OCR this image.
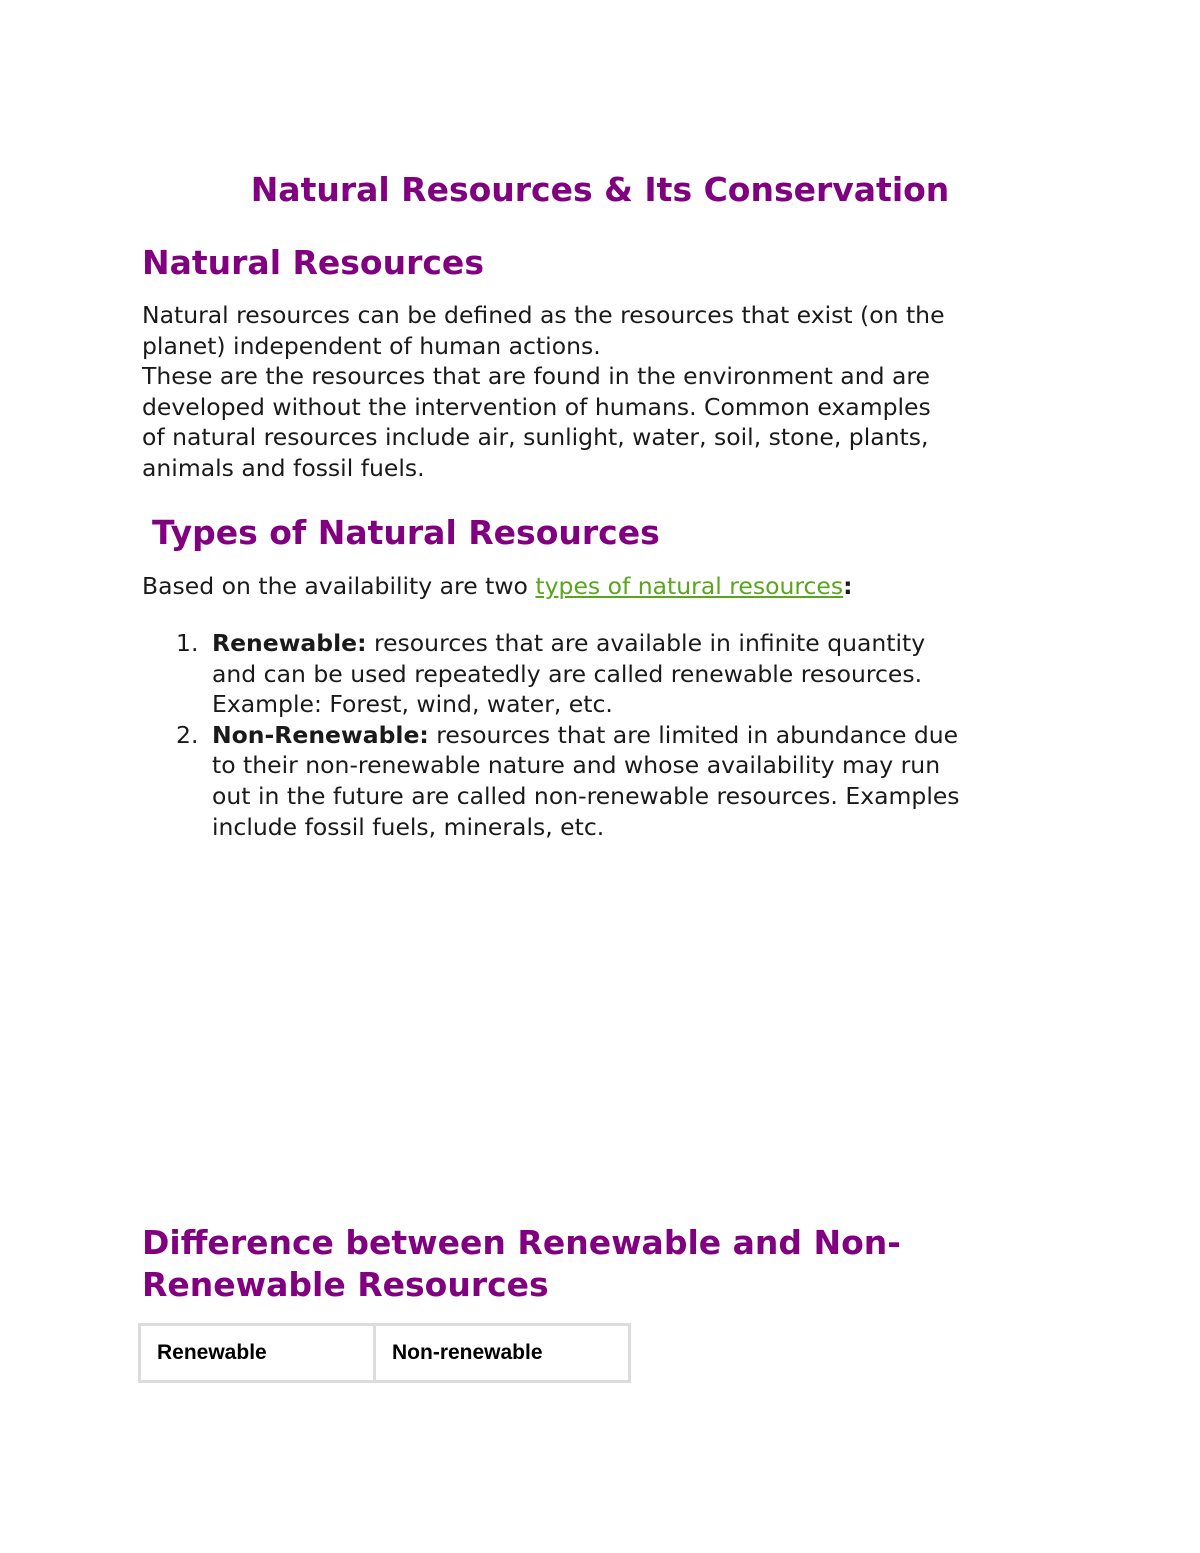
Natural Resources & Its Conservation
Natural Resources

Natural resources can be defined as the resources that exist (on the
planet) independent of human actions.
These are the resources that are found in the environment and are
developed without the intervention of humans. Common examples
of natural resources include air, sunlight, water, soil, stone, plants,
animals and fossil fuels.

Types of Natural Resources

Based on the availability are two types of natural resources:

1. Renewable: resources that are available in infinite quantity
and can be used repeatedly are called renewable resources.
Example: Forest, wind, water, etc.
2. Non-Renewable: resources that are limited in abundance due
to their non-renewable nature and whose availability may run
out in the future are called non-renewable resources. Examples
include fossil fuels, minerals, etc.
Difference between Renewable and Non-
Renewable Resources
Renewable	Non-renewable
